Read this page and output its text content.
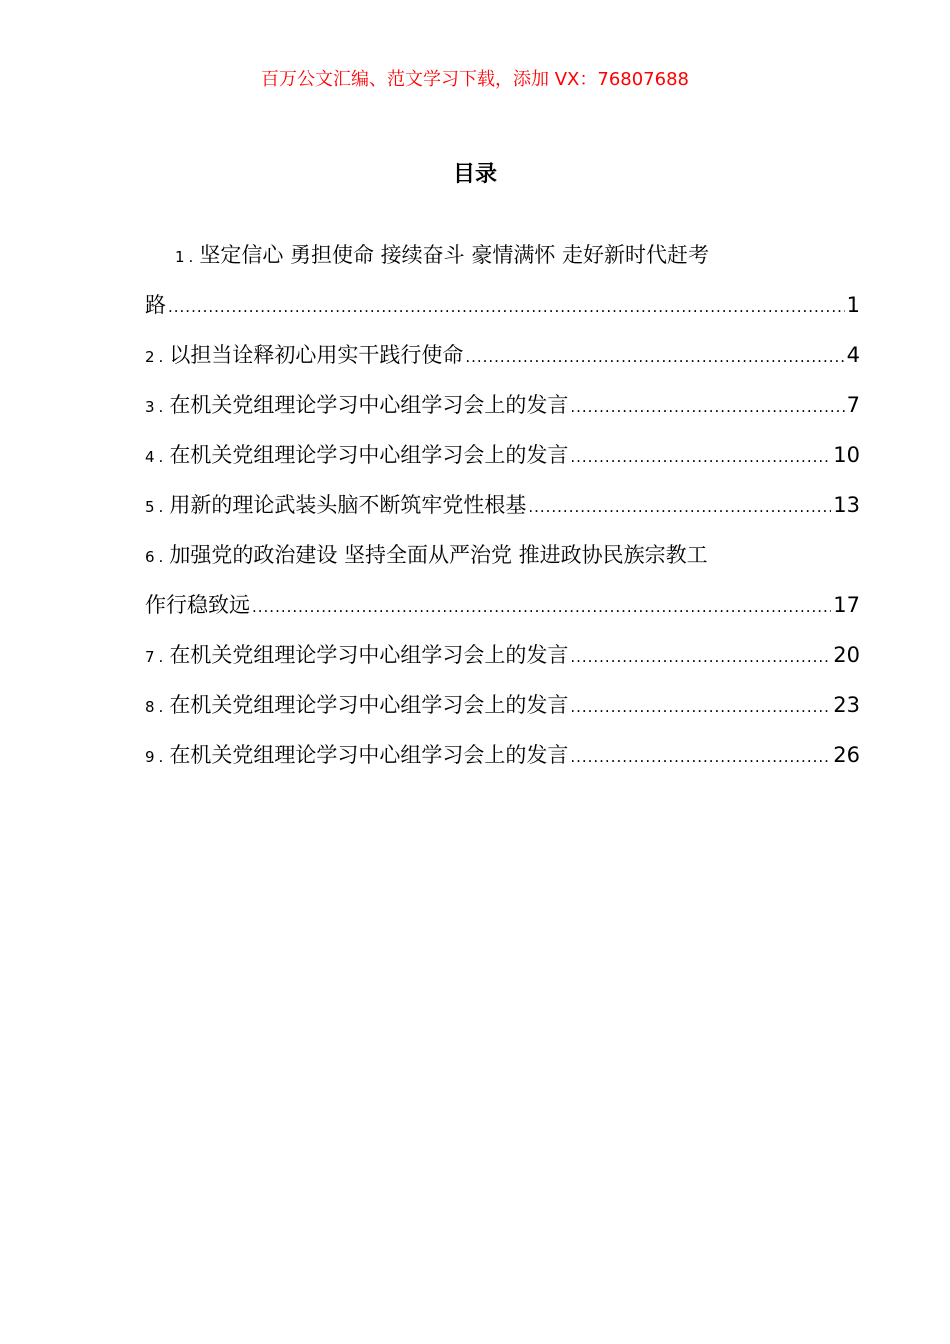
百万公文汇编、范文学习下载，添加 VX：76807688
目录
1 . 坚定信心 勇担使命 接续奋斗 豪情满怀 走好新时代赶考
路 .....	1
2 . 以担当诠释初心用实干践行使命 .....	4
3 . 在机关党组理论学习中心组学习会上的发言 .....	7
4 . 在机关党组理论学习中心组学习会上的发言 .....	10
5 . 用新的理论武装头脑不断筑牢党性根基 .....	13
6 . 加强党的政治建设 坚持全面从严治党 推进政协民族宗教工
作行稳致远 .....	17
7 . 在机关党组理论学习中心组学习会上的发言 .....	20
8 . 在机关党组理论学习中心组学习会上的发言 .....	23
9 . 在机关党组理论学习中心组学习会上的发言 .....	26
